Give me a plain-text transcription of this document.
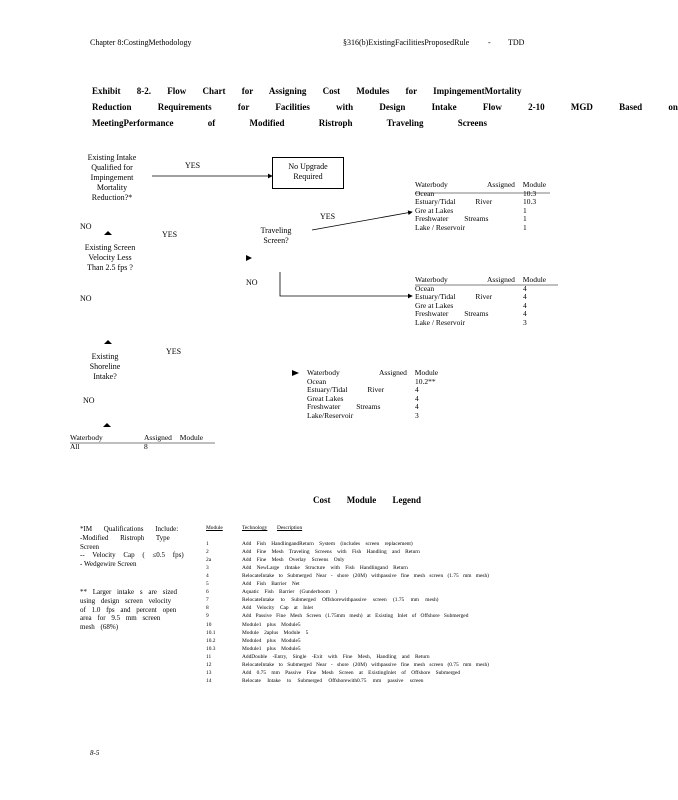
Chapter 8:CostingMethodology	§316(b)ExistingFacilitiesProposedRule - TDD
Exhibit 8-2. Flow Chart for Assigning Cost Modules for ImpingementMortality
Reduction Requirements for Facilities with Design Intake Flow 2-10 MGD Based on
MeetingPerformance of Modified Ristroph Traveling Screens
Existing Intake Qualified for Impingement Mortality Reduction?*
Existing Screen Velocity Less Than 2.5 fps ?
Existing Shoreline Intake?
Traveling Screen?
No Upgrade Required
YES
NO
YES
YES
NO
NO
YES
NO
Waterbody	Assigned Module
Ocean	10.3
Estuary/Tidal River	10.3
Gre at Lakes	1
Freshwater Streams	1
Lake / Reservoir	1
Waterbody	Assigned Module
Ocean	4
Estuary/Tidal River	4
Gre at Lakes	4
Freshwater Streams	4
Lake / Reservoir	3
Waterbody	Assigned Module
Ocean	10.2**
Estuary/Tidal River	4
Great Lakes	4
Freshwater Streams	4
Lake/Reservoir	3
Waterbody	Assigned Module
All	8
Cost Module Legend
*IM Qualifications Include:
-Modified Ristroph Type
Screen
-- Velocity Cap ( ≤0.5 fps)
- Wedgewire Screen
** Larger intake s are sized
using design screen velocity
of 1.0 fps and percent open
area for 9.5 mm screen
mesh (68%)
Module	Technology	Description
1	Add Fish HandlingandReturn System (includes screen replacement)
2	Add Fine Mesh Traveling Screens with Fish Handling and Return
2a	Add Fine Mesh Overlay Screens Only
3	Add NewLarge rIntake Structure with Fish Handlingand Return
4	RelocateIntake to Submerged Near - shore (20M) withpassive fine mesh screen (1.75 mm mesh)
5	Add Fish Barrier Net
6	Aquatic Fish Barrier (Gunderboom )
7	RelocateIntake to Submerged Offshorewithpassive screen (1.75 mm mesh)
8	Add Velocity Cap at Inlet
9	Add Passive Fine Mesh Screen (1.75mm mesh) at Existing Inlet of Offshore Submerged
10	Module1 plus Module5
10.1	Module 2aplus Module 5
10.2	Module4 plus Module5
10.3	Module1 plus Module5
11	AddDouble -Entry, Single -Exit with Fine Mesh, Handling and Return
12	RelocateIntake to Submerged Near - shore (20M) withpassive fine mesh screen (0.75 mm mesh)
13	Add 0.75 mm Passive Fine Mesh Screen at ExistingInlet of Offshore Submerged
14	Relocate Intake to Submerged Offshorewith0.75 mm passive screen
8-5
